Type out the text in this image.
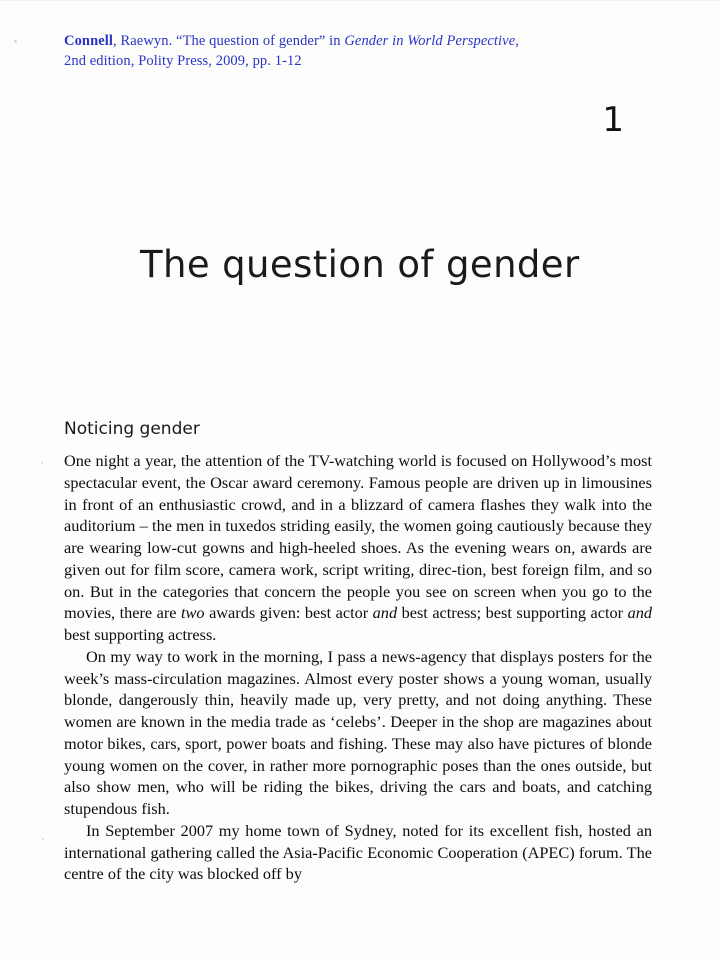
Connell, Raewyn. “The question of gender” in Gender in World Perspective,
2nd edition, Polity Press, 2009, pp. 1-12
1
The question of gender
Noticing gender

One night a year, the attention of the TV-watching world is focused on Hollywood’s most spectacular event, the Oscar award ceremony. Famous people are driven up in limousines in front of an enthusiastic crowd, and in a blizzard of camera flashes they walk into the auditorium – the men in tuxedos striding easily, the women going cautiously because they are wearing low-cut gowns and high-heeled shoes. As the evening wears on, awards are given out for film score, camera work, script writing, direc-tion, best foreign film, and so on. But in the categories that concern the people you see on screen when you go to the movies, there are two awards given: best actor and best actress; best supporting actor and best supporting actress.

On my way to work in the morning, I pass a news-agency that displays posters for the week’s mass-circulation magazines. Almost every poster shows a young woman, usually blonde, dangerously thin, heavily made up, very pretty, and not doing anything. These women are known in the media trade as ‘celebs’. Deeper in the shop are magazines about motor bikes, cars, sport, power boats and fishing. These may also have pictures of blonde young women on the cover, in rather more pornographic poses than the ones outside, but also show men, who will be riding the bikes, driving the cars and boats, and catching stupendous fish.

In September 2007 my home town of Sydney, noted for its excellent fish, hosted an international gathering called the Asia-Pacific Economic Cooperation (APEC) forum. The centre of the city was blocked off by
